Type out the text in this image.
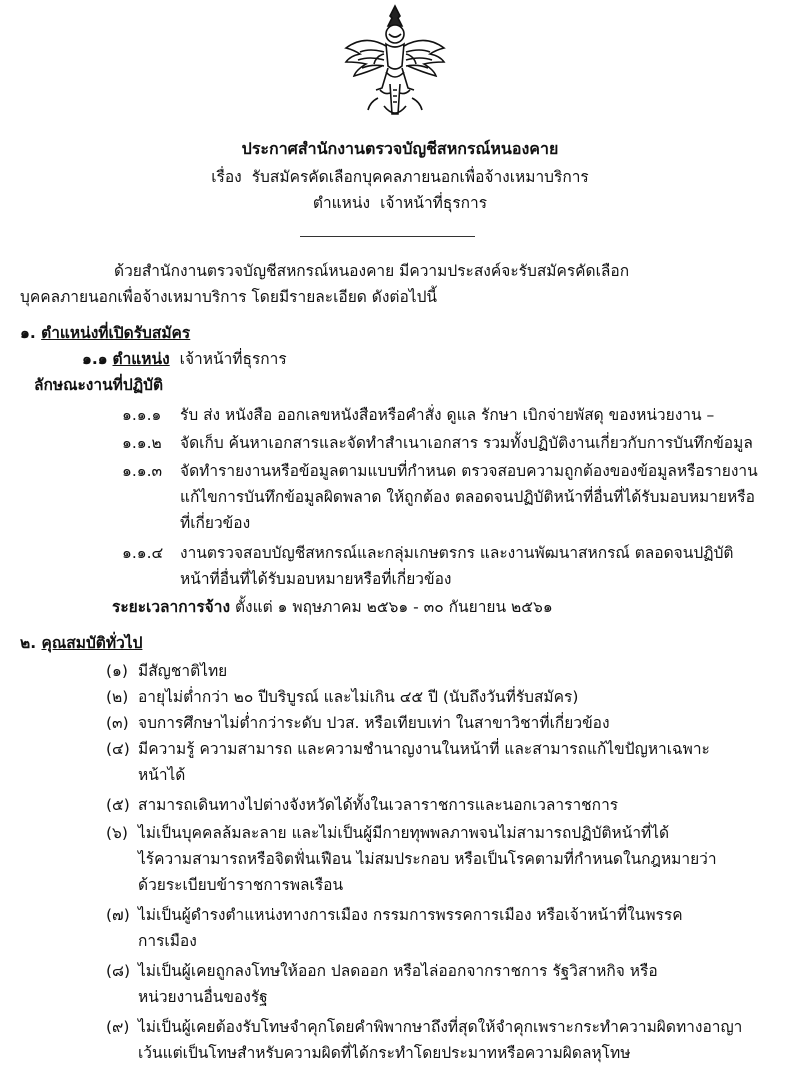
ประกาศสำนักงานตรวจบัญชีสหกรณ์หนองคาย
เรื่อง รับสมัครคัดเลือกบุคคลภายนอกเพื่อจ้างเหมาบริการ
ตำแหน่ง เจ้าหน้าที่ธุรการ
ด้วยสำนักงานตรวจบัญชีสหกรณ์หนองคาย มีความประสงค์จะรับสมัครคัดเลือก
บุคคลภายนอกเพื่อจ้างเหมาบริการ โดยมีรายละเอียด ดังต่อไปนี้
๑. ตำแหน่งที่เปิดรับสมัคร
๑.๑ ตำแหน่ง เจ้าหน้าที่ธุรการ
ลักษณะงานที่ปฏิบัติ
๑.๑.๑ รับ ส่ง หนังสือ ออกเลขหนังสือหรือคำสั่ง ดูแล รักษา เบิกจ่ายพัสดุ ของหน่วยงาน –
๑.๑.๒ จัดเก็บ ค้นหาเอกสารและจัดทำสำเนาเอกสาร รวมทั้งปฏิบัติงานเกี่ยวกับการบันทึกข้อมูล
๑.๑.๓ จัดทำรายงานหรือข้อมูลตามแบบที่กำหนด ตรวจสอบความถูกต้องของข้อมูลหรือรายงาน
แก้ไขการบันทึกข้อมูลผิดพลาด ให้ถูกต้อง ตลอดจนปฏิบัติหน้าที่อื่นที่ได้รับมอบหมายหรือ
ที่เกี่ยวข้อง
๑.๑.๔ งานตรวจสอบบัญชีสหกรณ์และกลุ่มเกษตรกร และงานพัฒนาสหกรณ์ ตลอดจนปฏิบัติ
หน้าที่อื่นที่ได้รับมอบหมายหรือที่เกี่ยวข้อง
ระยะเวลาการจ้าง ตั้งแต่ ๑ พฤษภาคม ๒๕๖๑ - ๓๐ กันยายน ๒๕๖๑
๒. คุณสมบัติทั่วไป
(๑) มีสัญชาติไทย
(๒) อายุไม่ต่ำกว่า ๒๐ ปีบริบูรณ์ และไม่เกิน ๔๕ ปี (นับถึงวันที่รับสมัคร)
(๓) จบการศึกษาไม่ต่ำกว่าระดับ ปวส. หรือเทียบเท่า ในสาขาวิชาที่เกี่ยวข้อง
(๔) มีความรู้ ความสามารถ และความชำนาญงานในหน้าที่ และสามารถแก้ไขปัญหาเฉพาะ
หน้าได้
(๕) สามารถเดินทางไปต่างจังหวัดได้ทั้งในเวลาราชการและนอกเวลาราชการ
(๖) ไม่เป็นบุคคลล้มละลาย และไม่เป็นผู้มีกายทุพพลภาพจนไม่สามารถปฏิบัติหน้าที่ได้
ไร้ความสามารถหรือจิตฟั่นเฟือน ไม่สมประกอบ หรือเป็นโรคตามที่กำหนดในกฎหมายว่า
ด้วยระเบียบข้าราชการพลเรือน
(๗) ไม่เป็นผู้ดำรงตำแหน่งทางการเมือง กรรมการพรรคการเมือง หรือเจ้าหน้าที่ในพรรค
การเมือง
(๘) ไม่เป็นผู้เคยถูกลงโทษให้ออก ปลดออก หรือไล่ออกจากราชการ รัฐวิสาหกิจ หรือ
หน่วยงานอื่นของรัฐ
(๙) ไม่เป็นผู้เคยต้องรับโทษจำคุกโดยคำพิพากษาถึงที่สุดให้จำคุกเพราะกระทำความผิดทางอาญา
เว้นแต่เป็นโทษสำหรับความผิดที่ได้กระทำโดยประมาทหรือความผิดลหุโทษ
